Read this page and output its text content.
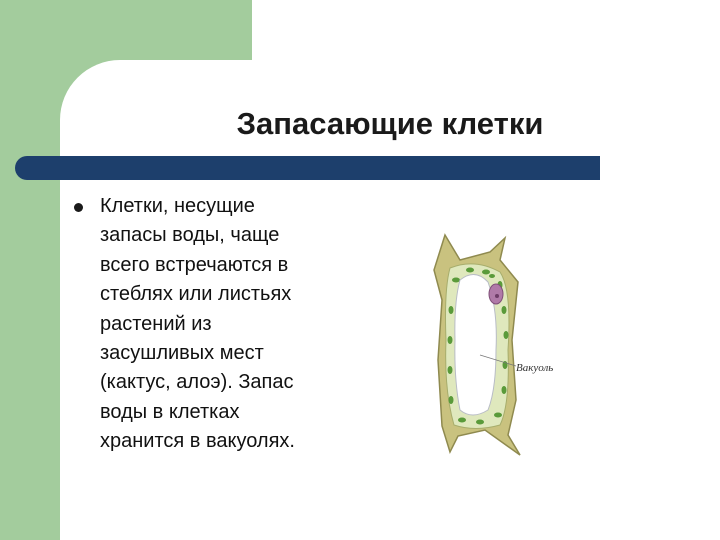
Запасающие клетки
Клетки, несущие
запасы воды, чаще
всего встречаются в
стеблях или листьях
растений из
засушливых мест
(кактус, алоэ). Запас
воды в клетках
хранится в вакуолях.
Вакуоль
